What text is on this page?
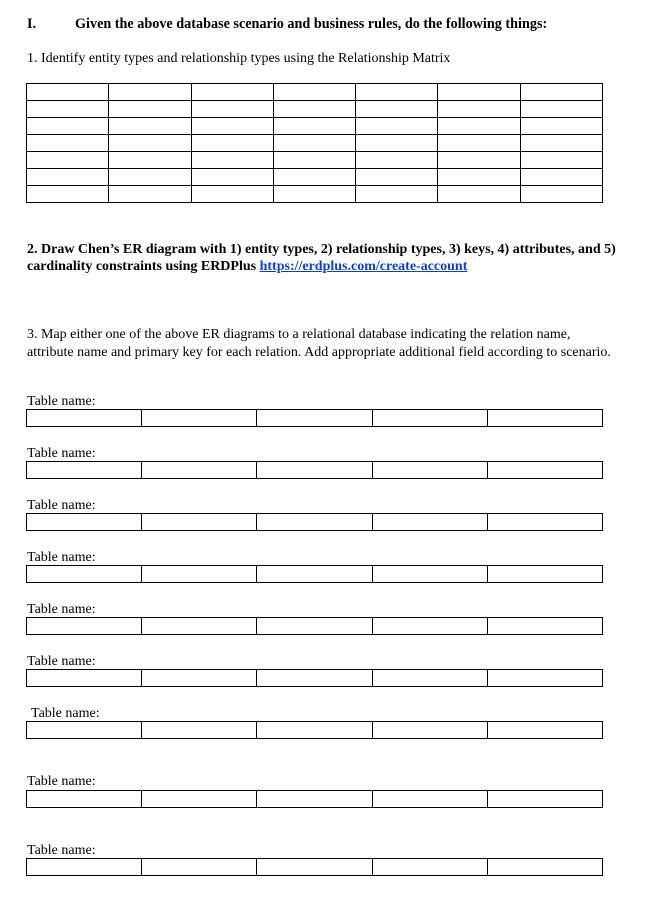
I.	Given the above database scenario and business rules, do the following things:
1. Identify entity types and relationship types using the Relationship Matrix

2. Draw Chen’s ER diagram with 1) entity types, 2) relationship types, 3) keys, 4) attributes, and 5) cardinality constraints using ERDPlus https://erdplus.com/create-account
3. Map either one of the above ER diagrams to a relational database indicating the relation name, attribute name and primary key for each relation. Add appropriate additional field according to scenario.
Table name:

Table name:

Table name:

Table name:

Table name:

Table name:

Table name:

Table name:

Table name:
